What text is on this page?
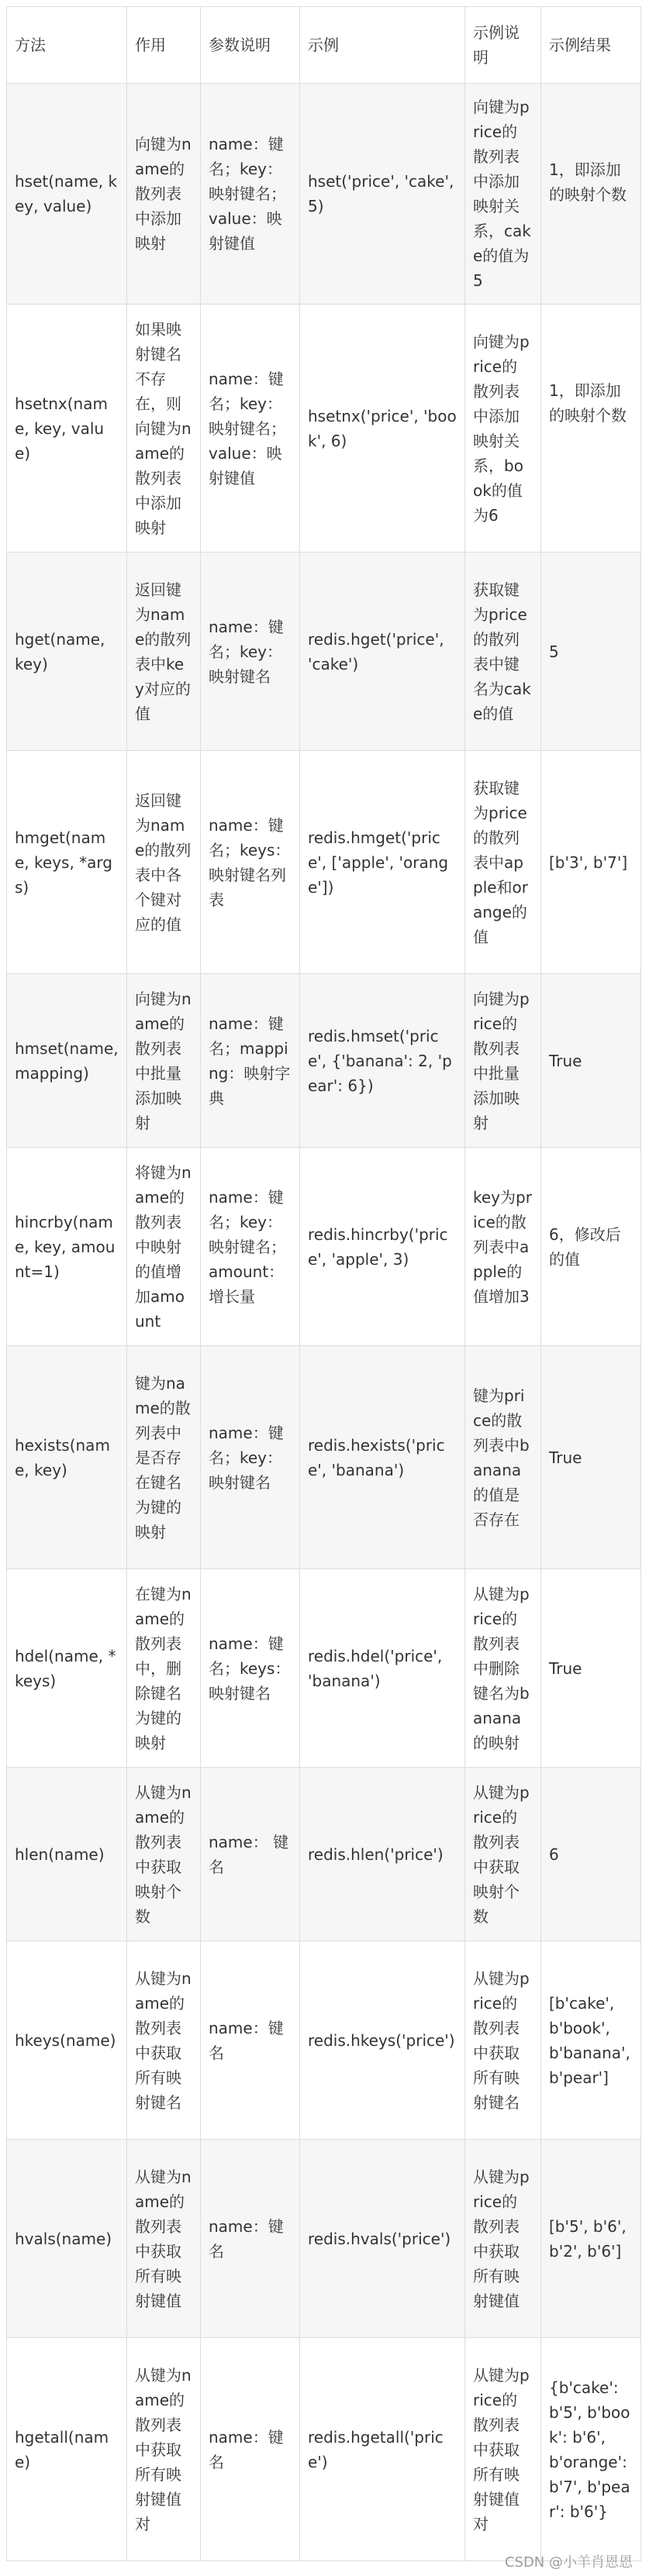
方法	作用	参数说明	示例	示例说明	示例结果
hset(name, key, value)	向键为name的散列表中添加映射	name：键名；key：映射键名；value：映射键值	hset('price', 'cake', 5)	向键为price的散列表中添加映射关系，cake的值为5	1，即添加的映射个数
hsetnx(name, key, value)	如果映射键名不存在，则向键为name的散列表中添加映射	name：键名；key：映射键名；value：映射键值	hsetnx('price', 'book', 6)	向键为price的散列表中添加映射关系，book的值为6	1，即添加的映射个数
hget(name, key)	返回键为name的散列表中key对应的值	name：键名；key：映射键名	redis.hget('price', 'cake')	获取键为price的散列表中键名为cake的值	5
hmget(name, keys, *args)	返回键为name的散列表中各个键对应的值	name：键名；keys：映射键名列表	redis.hmget('price', ['apple', 'orange'])	获取键为price的散列表中apple和orange的值	[b'3', b'7']
hmset(name, mapping)	向键为name的散列表中批量添加映射	name：键名；mapping：映射字典	redis.hmset('price', {'banana': 2, 'pear': 6})	向键为price的散列表中批量添加映射	True
hincrby(name, key, amount=1)	将键为name的散列表中映射的值增加amount	name：键名；key：映射键名；amount：增长量	redis.hincrby('price', 'apple', 3)	key为price的散列表中apple的值增加3	6，修改后的值
hexists(name, key)	键为name的散列表中是否存在键名为键的映射	name：键名；key：映射键名	redis.hexists('price', 'banana')	键为price的散列表中banana的值是否存在	True
hdel(name, *keys)	在键为name的散列表中，删除键名为键的映射	name：键名；keys：映射键名	redis.hdel('price', 'banana')	从键为price的散列表中删除键名为banana的映射	True
hlen(name)	从键为name的散列表中获取映射个数	name： 键名	redis.hlen('price')	从键为price的散列表中获取映射个数	6
hkeys(name)	从键为name的散列表中获取所有映射键名	name：键名	redis.hkeys('price')	从键为price的散列表中获取所有映射键名	[b'cake', b'book', b'banana', b'pear']
hvals(name)	从键为name的散列表中获取所有映射键值	name：键名	redis.hvals('price')	从键为price的散列表中获取所有映射键值	[b'5', b'6', b'2', b'6']
hgetall(name)	从键为name的散列表中获取所有映射键值对	name：键名	redis.hgetall('price')	从键为price的散列表中获取所有映射键值对	{b'cake': b'5', b'book': b'6', b'orange': b'7', b'pear': b'6'}
CSDN @小羊肖恩恩
